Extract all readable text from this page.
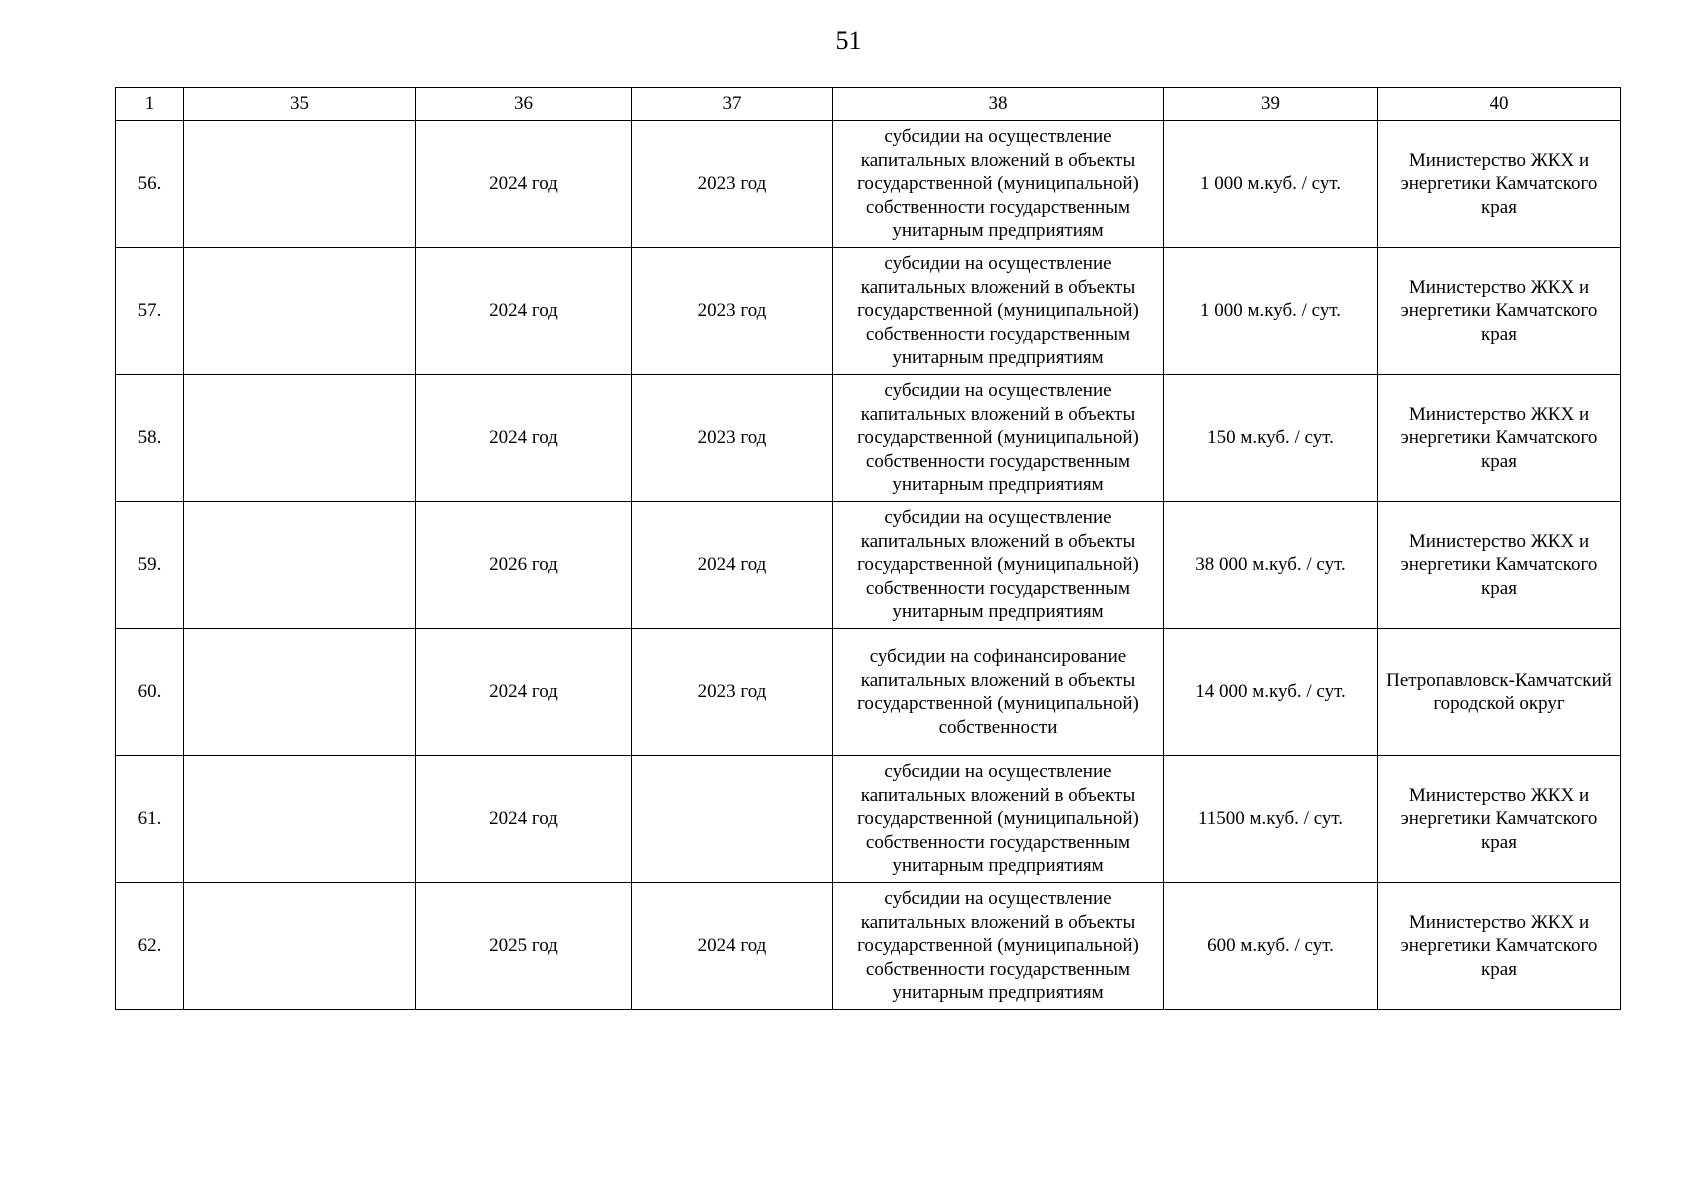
51
1	35	36	37	38	39	40
56.		2024 год	2023 год	субсидии на осуществление капитальных вложений в объекты государственной (муниципальной) собственности государственным унитарным предприятиям	1 000 м.куб. / сут.	Министерство ЖКХ и энергетики Камчатского края
57.		2024 год	2023 год	субсидии на осуществление капитальных вложений в объекты государственной (муниципальной) собственности государственным унитарным предприятиям	1 000 м.куб. / сут.	Министерство ЖКХ и энергетики Камчатского края
58.		2024 год	2023 год	субсидии на осуществление капитальных вложений в объекты государственной (муниципальной) собственности государственным унитарным предприятиям	150 м.куб. / сут.	Министерство ЖКХ и энергетики Камчатского края
59.		2026 год	2024 год	субсидии на осуществление капитальных вложений в объекты государственной (муниципальной) собственности государственным унитарным предприятиям	38 000 м.куб. / сут.	Министерство ЖКХ и энергетики Камчатского края
60.		2024 год	2023 год	субсидии на софинансирование капитальных вложений в объекты государственной (муниципальной) собственности	14 000 м.куб. / сут.	Петропавловск-Камчатский городской округ
61.		2024 год		субсидии на осуществление капитальных вложений в объекты государственной (муниципальной) собственности государственным унитарным предприятиям	11500 м.куб. / сут.	Министерство ЖКХ и энергетики Камчатского края
62.		2025 год	2024 год	субсидии на осуществление капитальных вложений в объекты государственной (муниципальной) собственности государственным унитарным предприятиям	600 м.куб. / сут.	Министерство ЖКХ и энергетики Камчатского края
